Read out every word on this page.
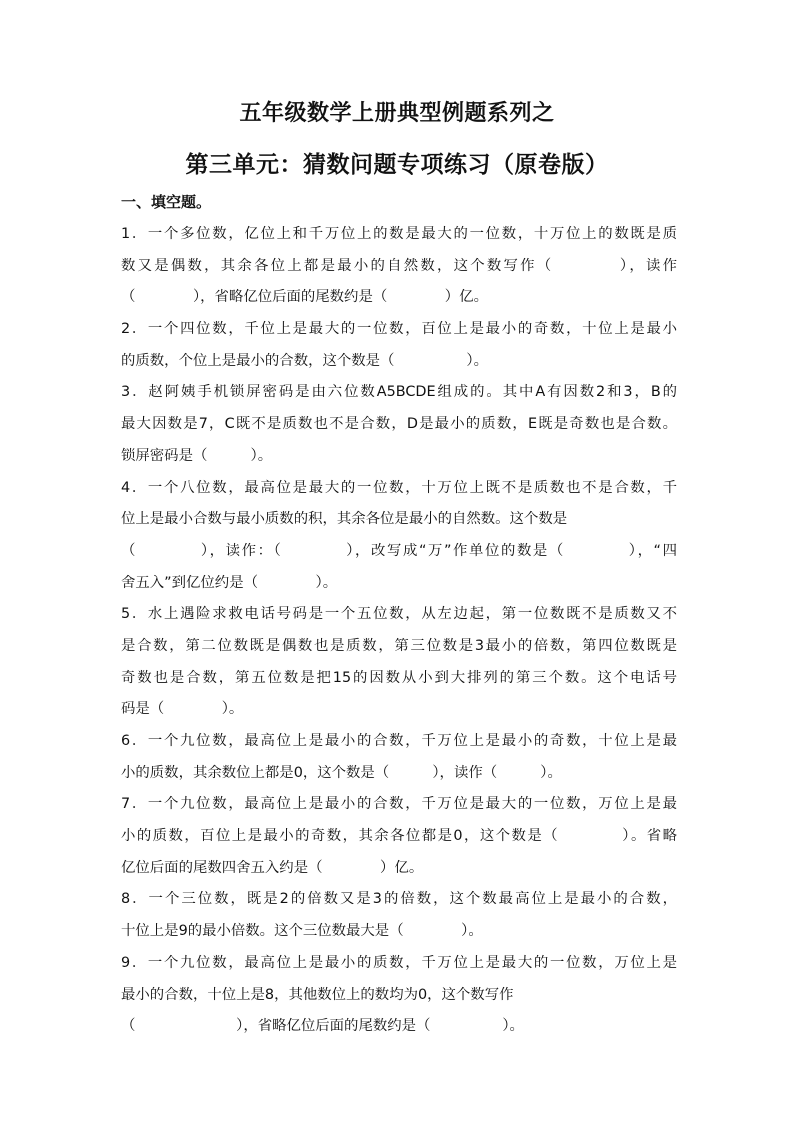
五年级数学上册典型例题系列之
第三单元：猜数问题专项练习（原卷版）
一、填空题。
1．一个多位数，亿位上和千万位上的数是最大的一位数，十万位上的数既是质
数又是偶数，其余各位上都是最小的自然数，这个数写作（　　　　），读作
（　　　　），省略亿位后面的尾数约是（　　　　）亿。
2．一个四位数，千位上是最大的一位数，百位上是最小的奇数，十位上是最小
的质数，个位上是最小的合数，这个数是（　　　　　）。
3．赵阿姨手机锁屏密码是由六位数A5BCDE组成的。其中A有因数2和3，B的
最大因数是7，C既不是质数也不是合数，D是最小的质数，E既是奇数也是合数。
锁屏密码是（　　　）。
4．一个八位数，最高位是最大的一位数，十万位上既不是质数也不是合数，千
位上是最小合数与最小质数的积，其余各位是最小的自然数。这个数是
（　　　　），读作：（　　　　），改写成“万”作单位的数是（　　　　），“四
舍五入”到亿位约是（　　　　）。
5．水上遇险求救电话号码是一个五位数，从左边起，第一位数既不是质数又不
是合数，第二位数既是偶数也是质数，第三位数是3最小的倍数，第四位数既是
奇数也是合数，第五位数是把15的因数从小到大排列的第三个数。这个电话号
码是（　　　　）。
6．一个九位数，最高位上是最小的合数，千万位上是最小的奇数，十位上是最
小的质数，其余数位上都是0，这个数是（　　　），读作（　　　）。
7．一个九位数，最高位上是最小的合数，千万位是最大的一位数，万位上是最
小的质数，百位上是最小的奇数，其余各位都是0，这个数是（　　　　）。省略
亿位后面的尾数四舍五入约是（　　　　）亿。
8．一个三位数，既是2的倍数又是3的倍数，这个数最高位上是最小的合数，
十位上是9的最小倍数。这个三位数最大是（　　　　）。
9．一个九位数，最高位上是最小的质数，千万位上是最大的一位数，万位上是
最小的合数，十位上是8，其他数位上的数均为0，这个数写作
（　　　　　　　），省略亿位后面的尾数约是（　　　　　）。
